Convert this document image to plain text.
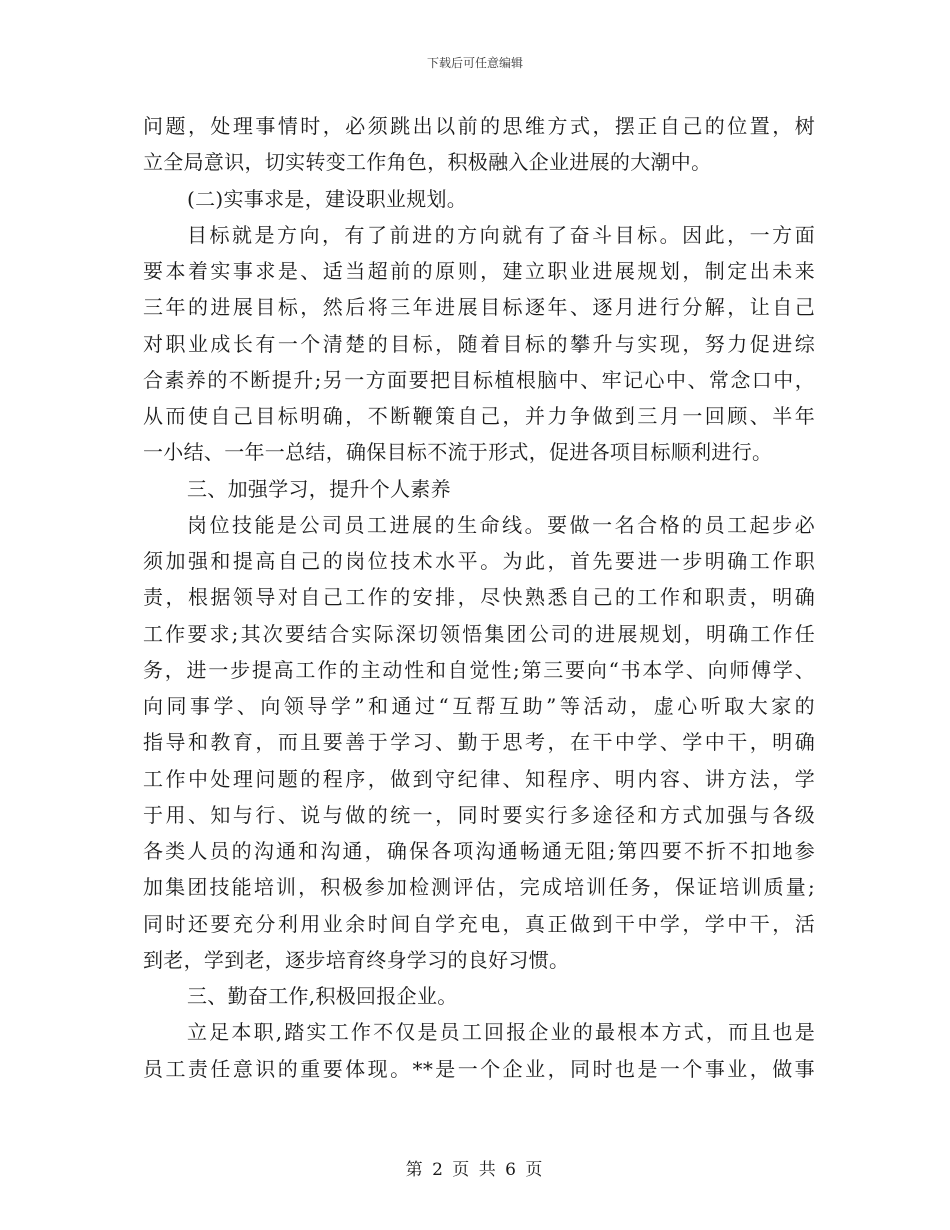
下载后可任意编辑
问题，处理事情时，必须跳出以前的思维方式，摆正自己的位置，树
立全局意识，切实转变工作角色，积极融入企业进展的大潮中。
(二)实事求是，建设职业规划。
目标就是方向，有了前进的方向就有了奋斗目标。因此，一方面
要本着实事求是、适当超前的原则，建立职业进展规划，制定出未来
三年的进展目标，然后将三年进展目标逐年、逐月进行分解，让自己
对职业成长有一个清楚的目标，随着目标的攀升与实现，努力促进综
合素养的不断提升;另一方面要把目标植根脑中、牢记心中、常念口中，
从而使自己目标明确，不断鞭策自己，并力争做到三月一回顾、半年
一小结、一年一总结，确保目标不流于形式，促进各项目标顺利进行。
三、加强学习，提升个人素养
岗位技能是公司员工进展的生命线。要做一名合格的员工起步必
须加强和提高自己的岗位技术水平。为此，首先要进一步明确工作职
责，根据领导对自己工作的安排，尽快熟悉自己的工作和职责，明确
工作要求;其次要结合实际深切领悟集团公司的进展规划，明确工作任
务，进一步提高工作的主动性和自觉性;第三要向“书本学、向师傅学、
向同事学、向领导学”和通过“互帮互助”等活动，虚心听取大家的
指导和教育，而且要善于学习、勤于思考，在干中学、学中干，明确
工作中处理问题的程序，做到守纪律、知程序、明内容、讲方法，学
于用、知与行、说与做的统一，同时要实行多途径和方式加强与各级
各类人员的沟通和沟通，确保各项沟通畅通无阻;第四要不折不扣地参
加集团技能培训，积极参加检测评估，完成培训任务，保证培训质量;
同时还要充分利用业余时间自学充电，真正做到干中学，学中干，活
到老，学到老，逐步培育终身学习的良好习惯。
三、勤奋工作,积极回报企业。
立足本职,踏实工作不仅是员工回报企业的最根本方式，而且也是
员工责任意识的重要体现。**是一个企业，同时也是一个事业，做事
第 2 页 共 6 页
